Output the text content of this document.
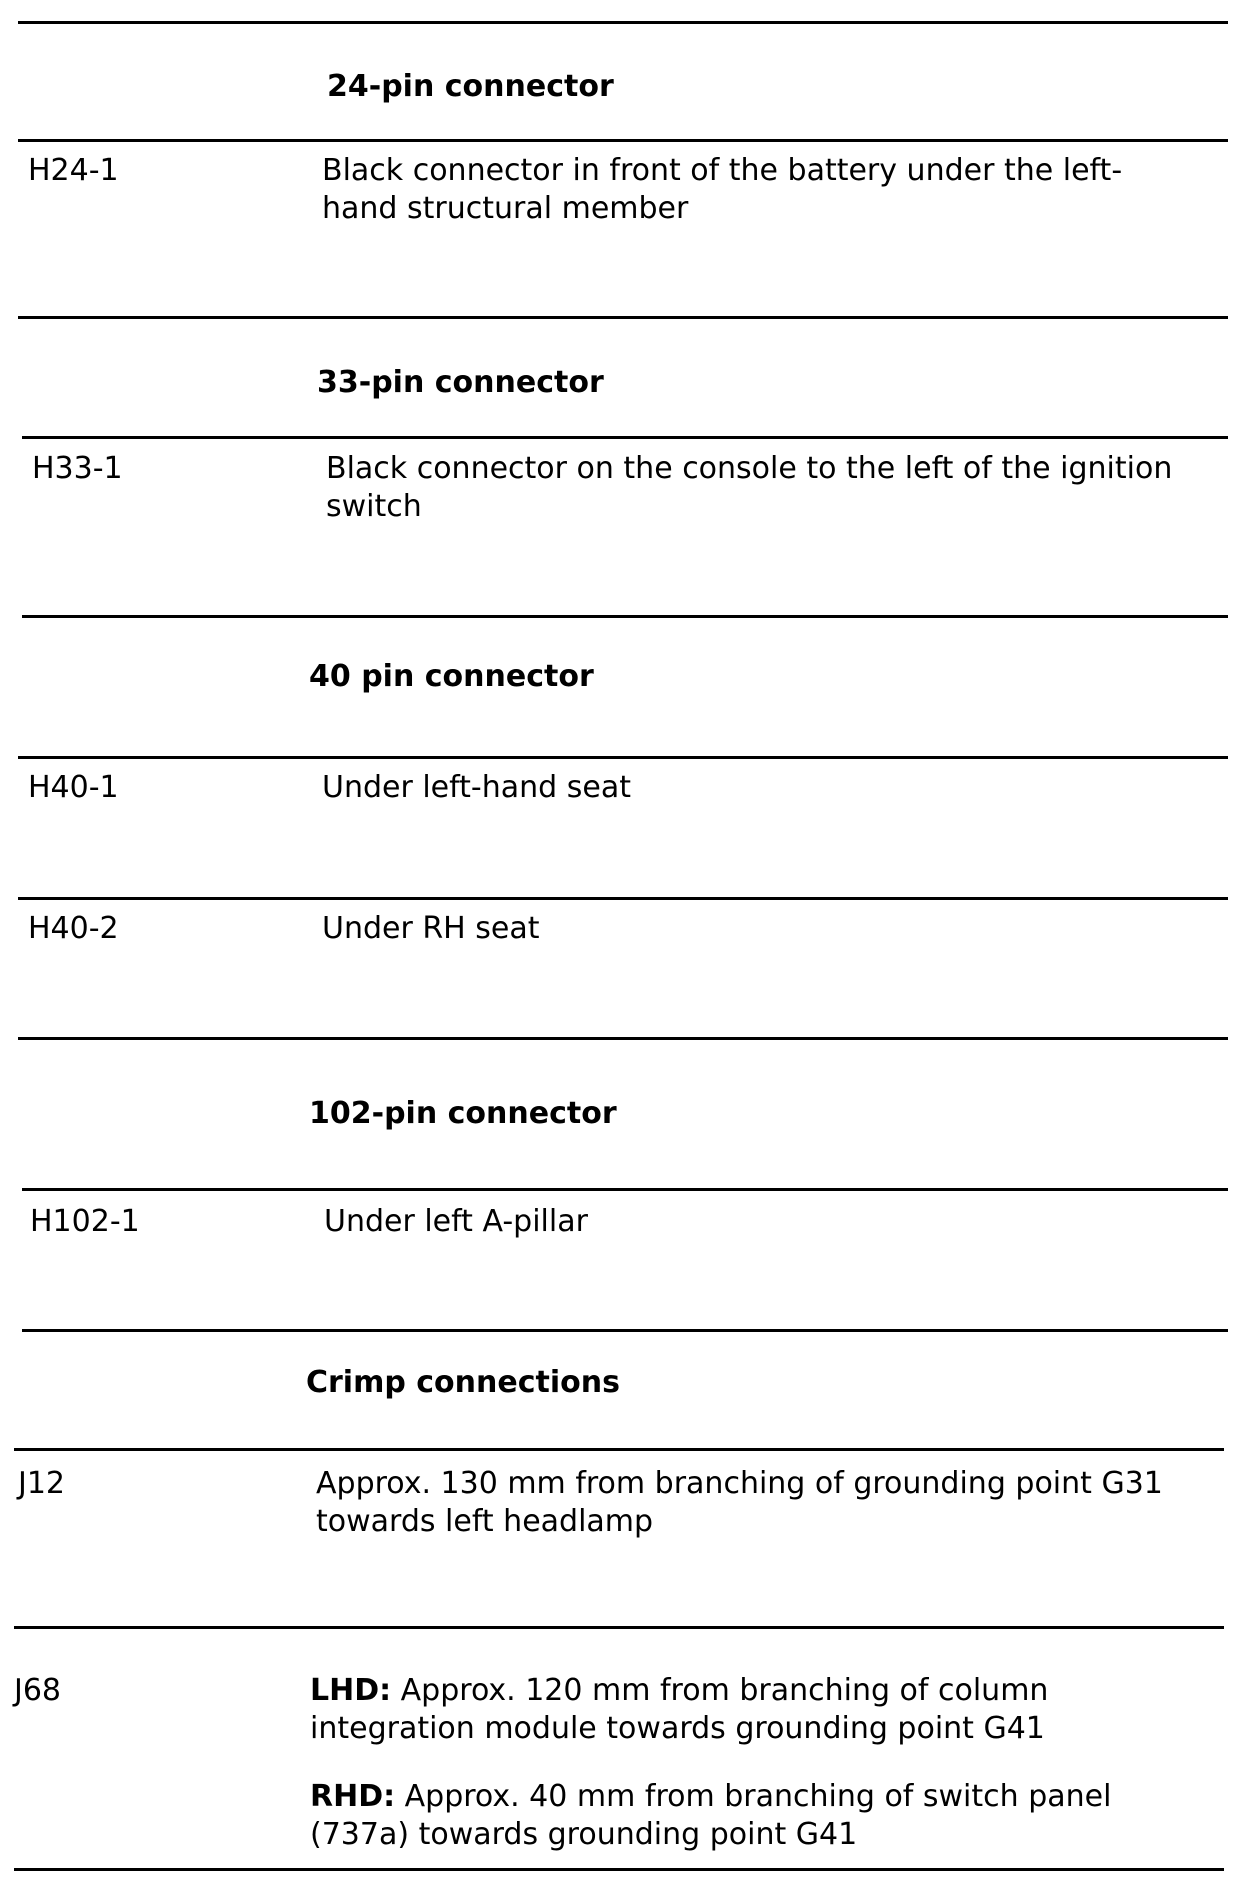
24-pin connector
H24-1	Black connector in front of the battery under the left-
hand structural member
33-pin connector
H33-1	Black connector on the console to the left of the ignition
switch
40 pin connector
H40-1	Under left-hand seat
H40-2	Under RH seat
102-pin connector
H102-1	Under left A-pillar
Crimp connections
J12	Approx. 130 mm from branching of grounding point G31
towards left headlamp
J68	LHD: Approx. 120 mm from branching of column
integration module towards grounding point G41

RHD: Approx. 40 mm from branching of switch panel
(737a) towards grounding point G41
